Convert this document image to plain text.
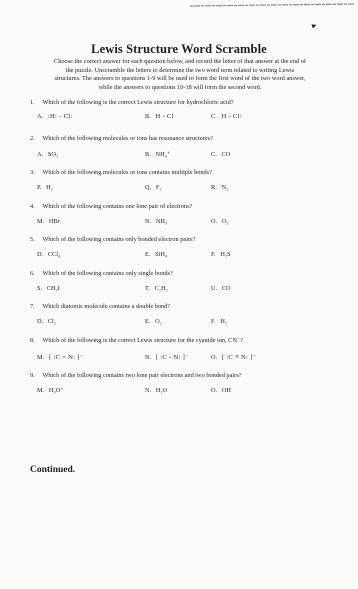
▸
Lewis Structure Word Scramble
Choose the correct answer for each question below, and record the letter of that answer at the end of
the puzzle. Unscramble the letters to determine the two word term related to writing Lewis
structures. The answers to questions 1-9 will be used to form the first word of the two word answer,
while the answers to questions 10-18 will form the second word.
1. Which of the following is the correct Lewis structure for hydrochloric acid?
A. :H: - Cl:	B. H - Cl	C. H - Cl:
2. Which of the following molecules or ions has resonance structures?
A. SO₂	B. NH₄⁺	C. CO
3. Which of the following molecules or ions contains multiple bonds?
P. H₂	Q. F₂	R. N₂
4. Which of the following contains one lone pair of electrons?
M. HBr	N. NH₃	O. O₂
5. Which of the following contains only bonded electron pairs?
D. CCl₄	E. SiH₄	F. H₂S
6. Which of the following contains only single bonds?
S. CH₃I	T. C₂H₂	U. CO
7. Which diatomic molecule contains a double bond?
D. Cl₂	E. O₂	F. H₂
8. Which of the following is the correct Lewis structure for the cyanide ion, CN⁻?
M. [ :C = N: ]⁻	N. [ :C - N: ]⁻	O. [ :C ≡ N: ]⁻
9. Which of the following contains two lone pair electrons and two bonded pairs?
M. H₃O⁺	N. H₂O	O. OH
Continued.
